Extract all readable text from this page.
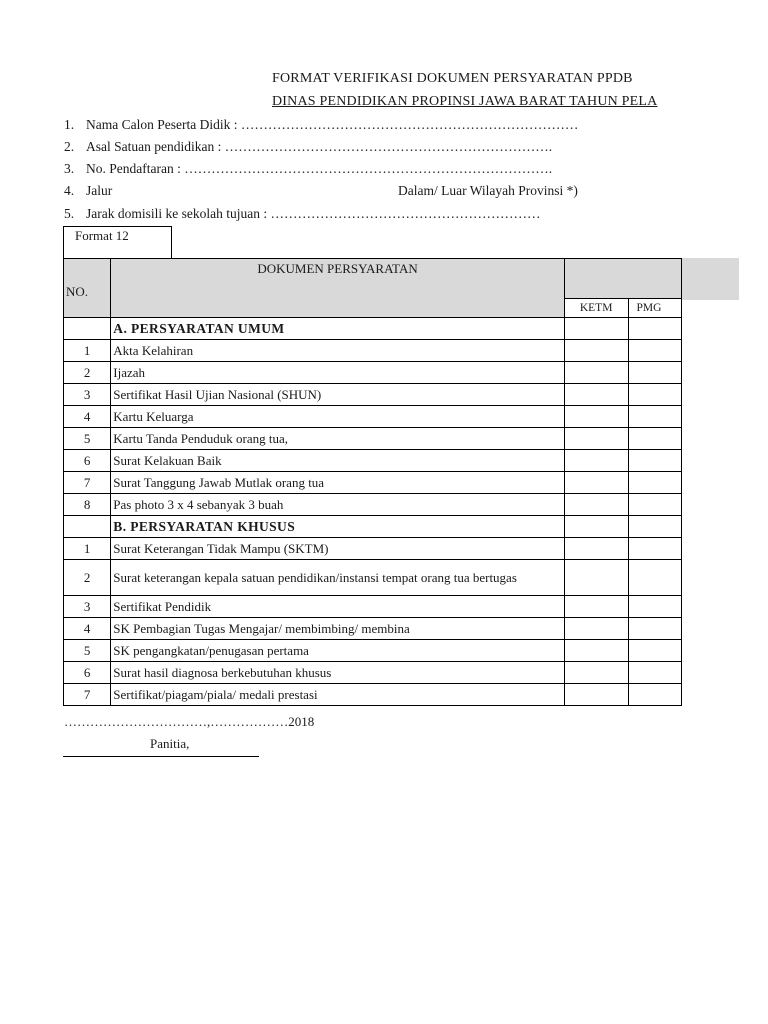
FORMAT VERIFIKASI DOKUMEN PERSYARATAN PPDB
DINAS PENDIDIKAN PROPINSI JAWA BARAT TAHUN PELA
1. Nama Calon Peserta Didik : …………………………………………………………………
2. Asal Satuan pendidikan : ……………………………………………………………….
3. No. Pendaftaran : ……………………………………………………………………….
4. Jalur	Dalam/ Luar Wilayah Provinsi *)
5. Jarak domisili ke sekolah tujuan : ……………………………………………………
Format 12
NO.	DOKUMEN PERSYARATAN		
		KETM	PMG
	A. PERSYARATAN UMUM		
1	Akta Kelahiran		
2	Ijazah		
3	Sertifikat Hasil Ujian Nasional (SHUN)		
4	Kartu Keluarga		
5	Kartu Tanda Penduduk orang tua,		
6	Surat Kelakuan Baik		
7	Surat Tanggung Jawab Mutlak orang tua		
8	Pas photo 3 x 4 sebanyak 3 buah		
	B. PERSYARATAN KHUSUS		
1	Surat Keterangan Tidak Mampu (SKTM)		
2	Surat keterangan kepala satuan pendidikan/instansi tempat orang tua bertugas		
3	Sertifikat Pendidik		
4	SK Pembagian Tugas Mengajar/ membimbing/ membina		
5	SK pengangkatan/penugasan pertama		
6	Surat hasil diagnosa berkebutuhan khusus		
7	Sertifikat/piagam/piala/ medali prestasi		
……………………………,………………2018
Panitia,
